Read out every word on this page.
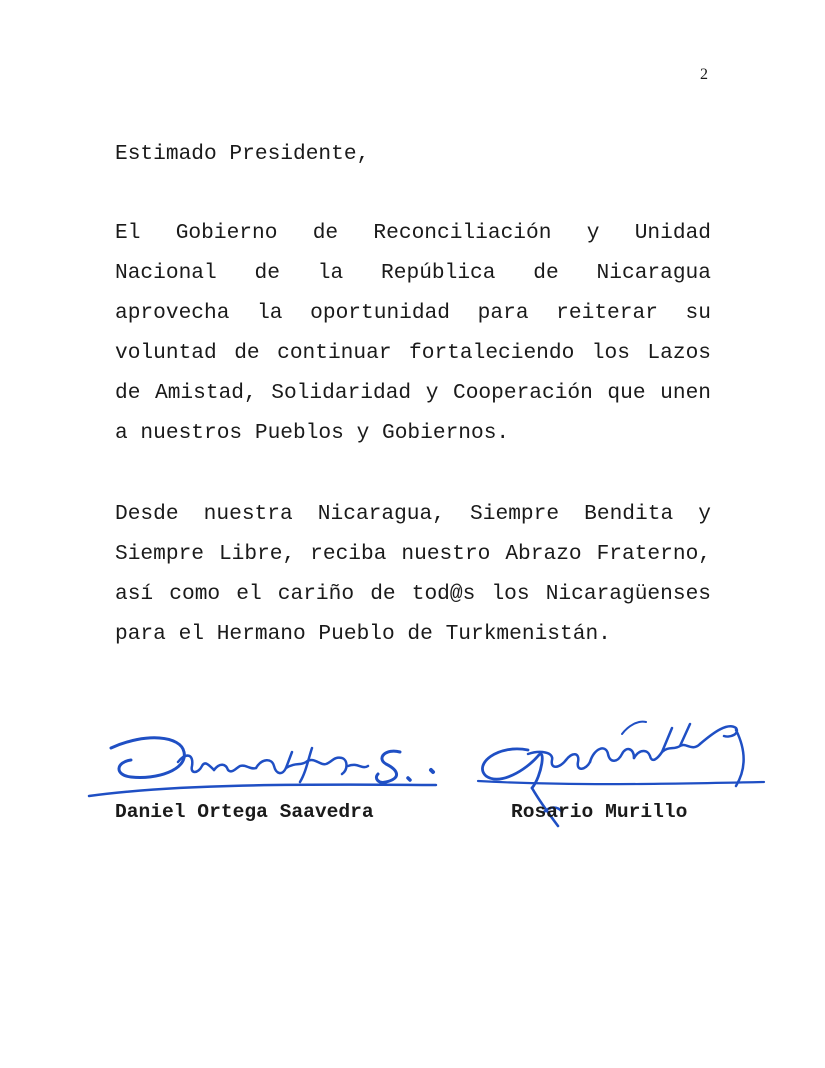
2
Estimado Presidente,
El Gobierno de Reconciliación y Unidad Nacional de la República de Nicaragua aprovecha la oportunidad para reiterar su voluntad de continuar fortaleciendo los Lazos de Amistad, Solidaridad y Cooperación que unen a nuestros Pueblos y Gobiernos.
Desde nuestra Nicaragua, Siempre Bendita y Siempre Libre, reciba nuestro Abrazo Fraterno, así como el cariño de tod@s los Nicaragüenses para el Hermano Pueblo de Turkmenistán.
Daniel Ortega Saavedra	Rosario Murillo
